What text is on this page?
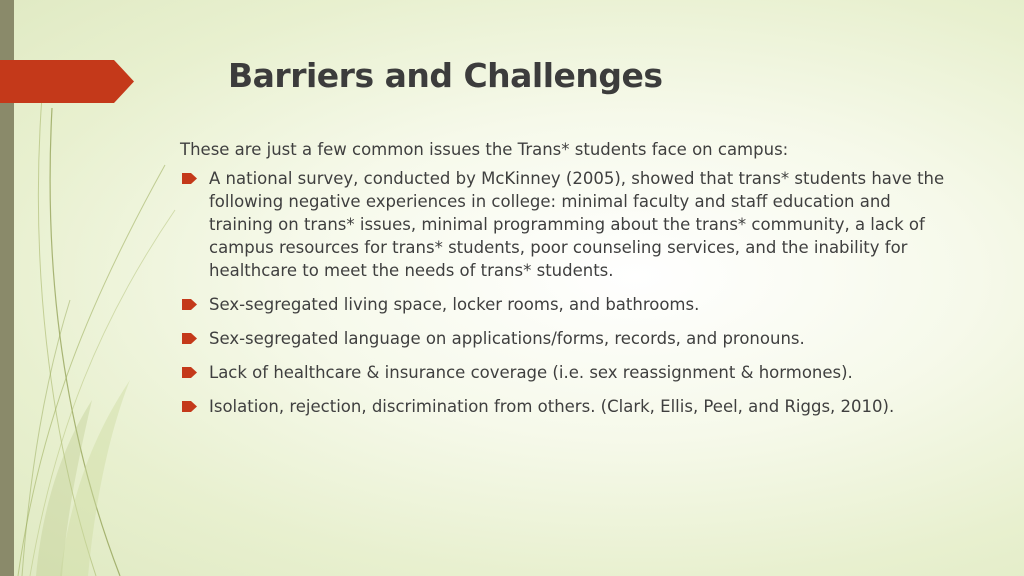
Barriers and Challenges

These are just a few common issues the Trans* students face on campus:

A national survey, conducted by McKinney (2005), showed that trans* students have the following negative experiences in college: minimal faculty and staff education and training on trans* issues, minimal programming about the trans* community, a lack of campus resources for trans* students, poor counseling services, and the inability for healthcare to meet the needs of trans* students.
Sex-segregated living space, locker rooms, and bathrooms.
Sex-segregated language on applications/forms, records, and pronouns.
Lack of healthcare & insurance coverage (i.e. sex reassignment & hormones).
Isolation, rejection, discrimination from others. (Clark, Ellis, Peel, and Riggs, 2010).
